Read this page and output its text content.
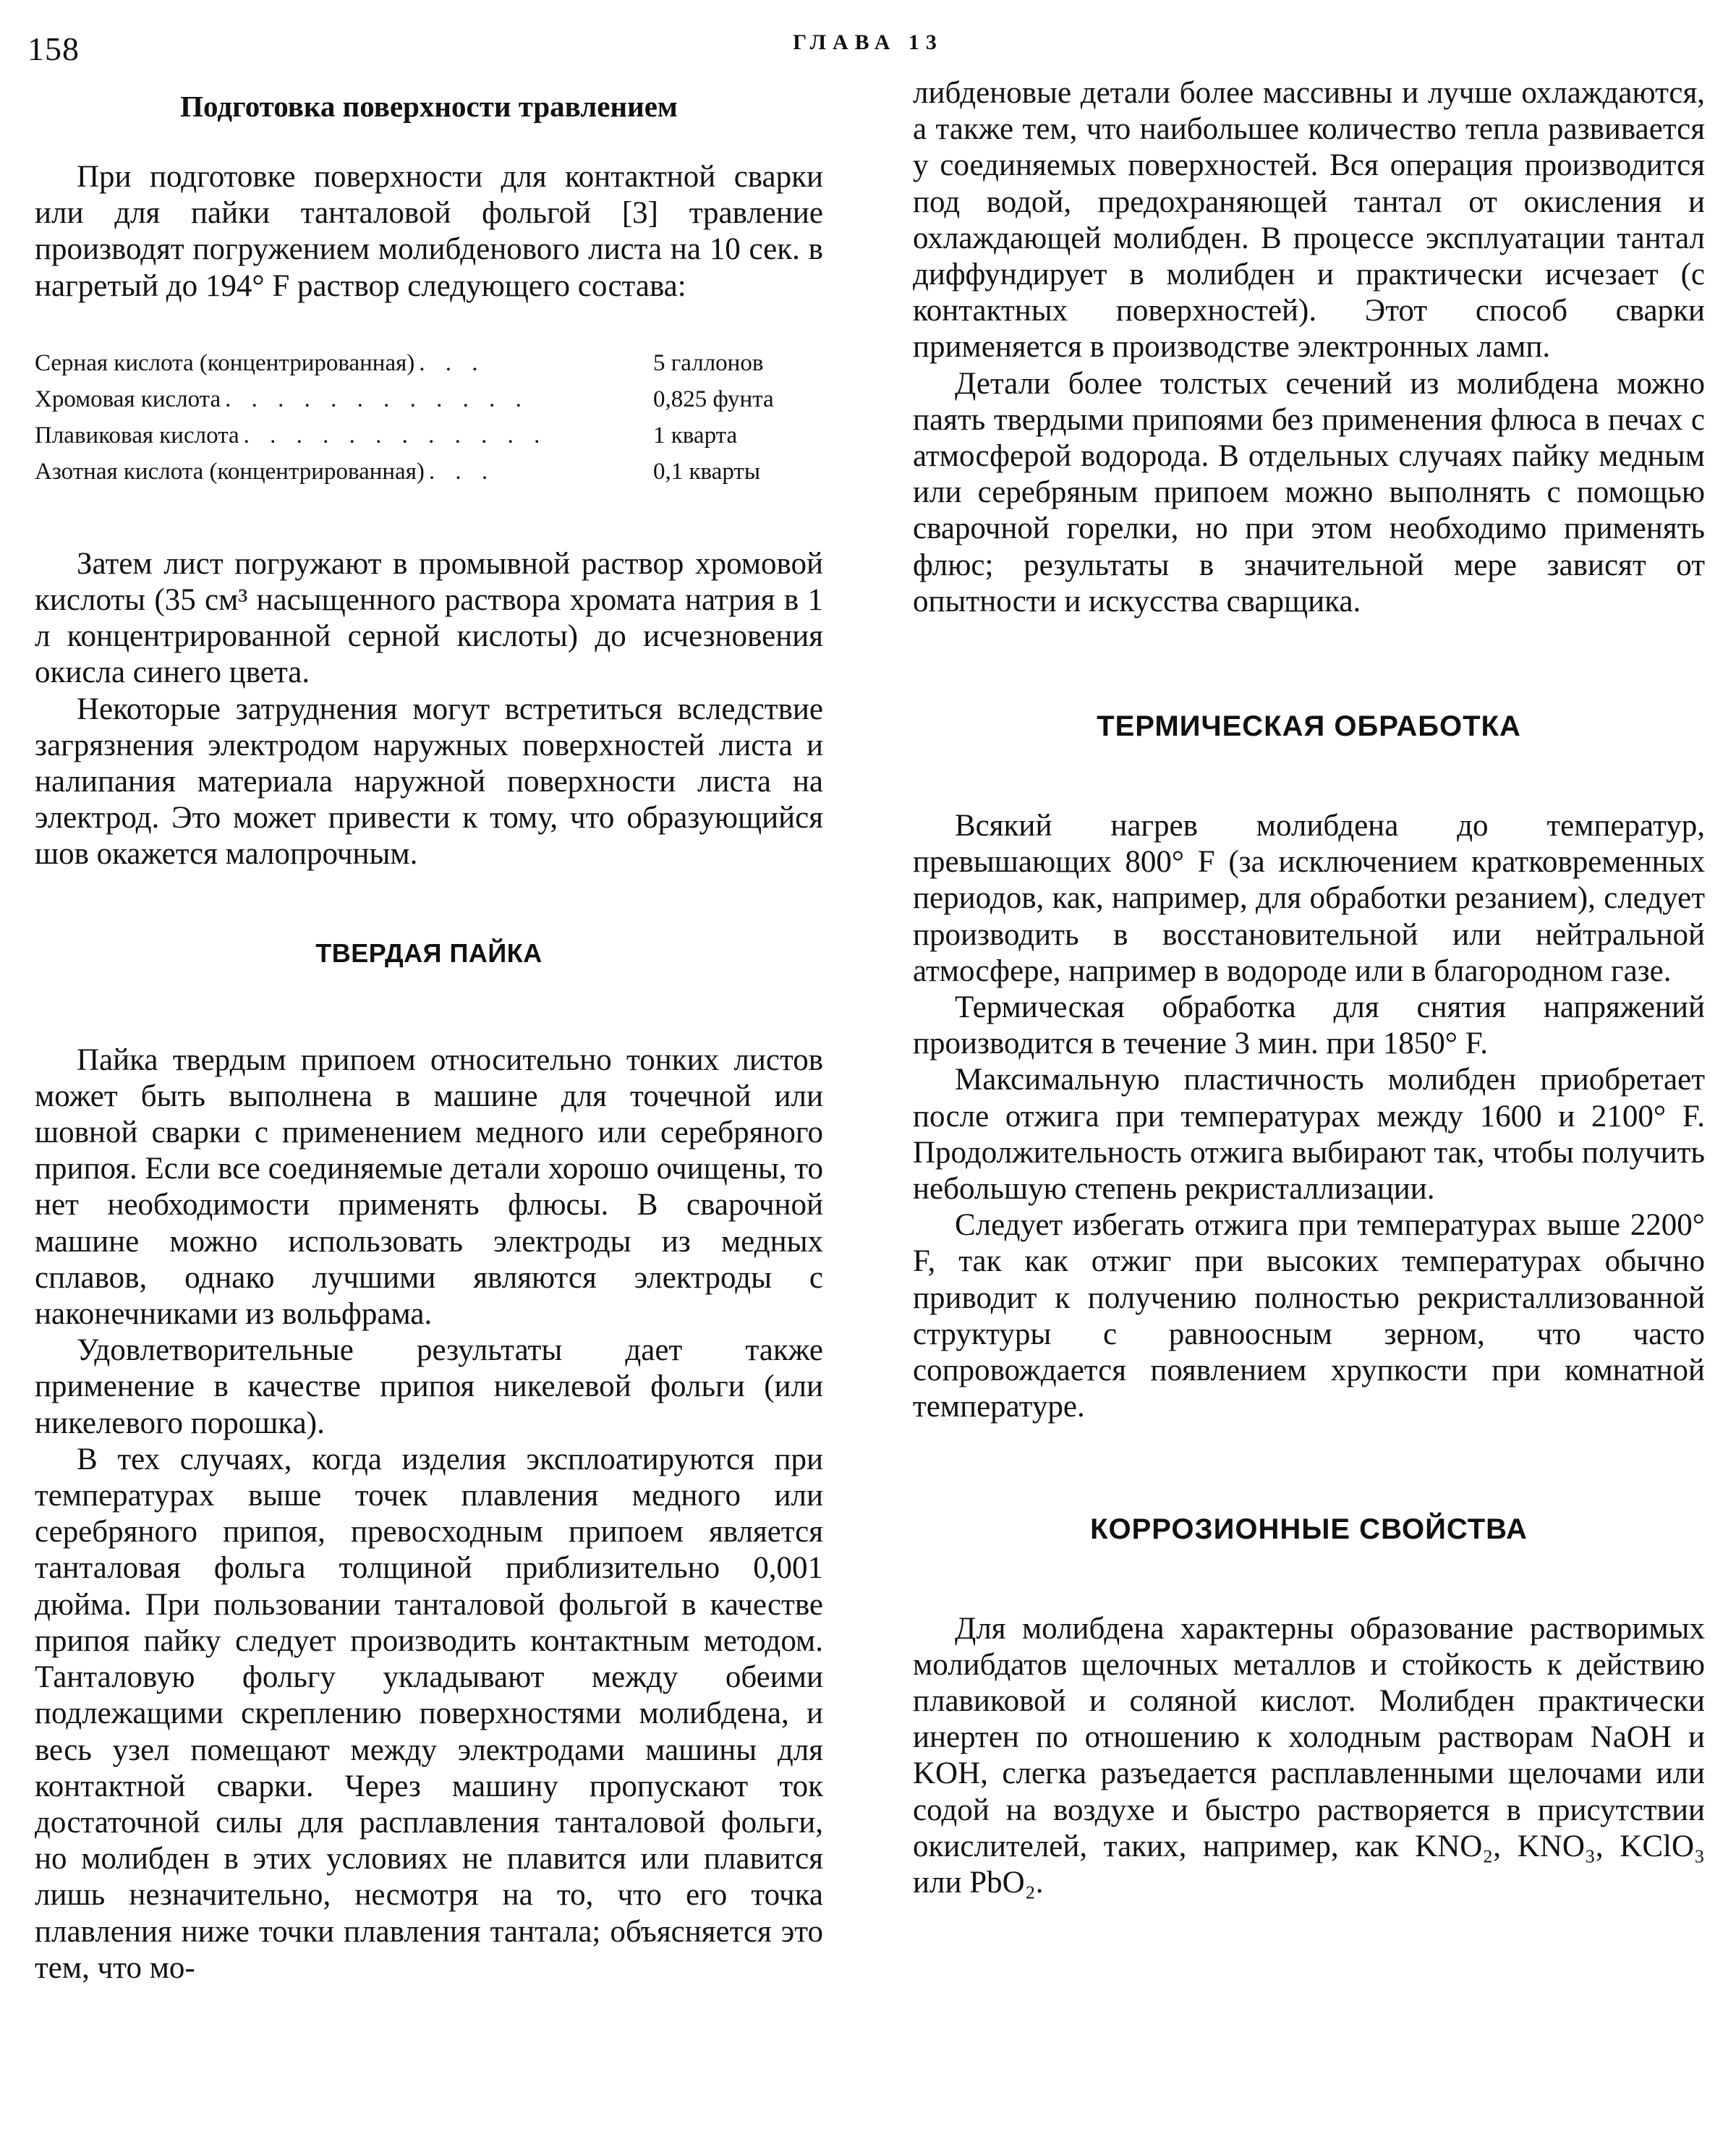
158	ГЛАВА 13
Подготовка поверхности травлением

При подготовке поверхности для контактной сварки или для пайки танталовой фольгой [3] травление производят погружением молибденового листа на 10 сек. в нагретый до 194° F раствор следующего состава:

Серная кислота (концентрированная) . . .	5 галлонов
Хромовая кислота . . . . . . . . . . . .	0,825 фунта
Плавиковая кислота . . . . . . . . . . . .	1 кварта
Азотная кислота (концентрированная) . . .	0,1 кварты

Затем лист погружают в промывной раствор хромовой кислоты (35 см³ насыщенного раствора хромата натрия в 1 л концентрированной серной кислоты) до исчезновения окисла синего цвета.

Некоторые затруднения могут встретиться вследствие загрязнения электродом наружных поверхностей листа и налипания материала наружной поверхности листа на электрод. Это может привести к тому, что образующийся шов окажется малопрочным.

ТВЕРДАЯ ПАЙКА

Пайка твердым припоем относительно тонких листов может быть выполнена в машине для точечной или шовной сварки с применением медного или серебряного припоя. Если все соединяемые детали хорошо очищены, то нет необходимости применять флюсы. В сварочной машине можно использовать электроды из медных сплавов, однако лучшими являются электроды с наконечниками из вольфрама.

Удовлетворительные результаты дает также применение в качестве припоя никелевой фольги (или никелевого порошка).

В тех случаях, когда изделия эксплоатируются при температурах выше точек плавления медного или серебряного припоя, превосходным припоем является танталовая фольга толщиной приблизительно 0,001 дюйма. При пользовании танталовой фольгой в качестве припоя пайку следует производить контактным методом. Танталовую фольгу укладывают между обеими подлежащими скреплению поверхностями молибдена, и весь узел помещают между электродами машины для контактной сварки. Через машину пропускают ток достаточной силы для расплавления танталовой фольги, но молибден в этих условиях не плавится или плавится лишь незначительно, несмотря на то, что его точка плавления ниже точки плавления тантала; объясняется это тем, что мо-

либденовые детали более массивны и лучше охлаждаются, а также тем, что наибольшее количество тепла развивается у соединяемых поверхностей. Вся операция производится под водой, предохраняющей тантал от окисления и охлаждающей молибден. В процессе эксплуатации тантал диффундирует в молибден и практически исчезает (с контактных поверхностей). Этот способ сварки применяется в производстве электронных ламп.

Детали более толстых сечений из молибдена можно паять твердыми припоями без применения флюса в печах с атмосферой водорода. В отдельных случаях пайку медным или серебряным припоем можно выполнять с помощью сварочной горелки, но при этом необходимо применять флюс; результаты в значительной мере зависят от опытности и искусства сварщика.

ТЕРМИЧЕСКАЯ ОБРАБОТКА

Всякий нагрев молибдена до температур, превышающих 800° F (за исключением кратковременных периодов, как, например, для обработки резанием), следует производить в восстановительной или нейтральной атмосфере, например в водороде или в благородном газе.

Термическая обработка для снятия напряжений производится в течение 3 мин. при 1850° F.

Максимальную пластичность молибден приобретает после отжига при температурах между 1600 и 2100° F. Продолжительность отжига выбирают так, чтобы получить небольшую степень рекристаллизации.

Следует избегать отжига при температурах выше 2200° F, так как отжиг при высоких температурах обычно приводит к получению полностью рекристаллизованной структуры с равноосным зерном, что часто сопровождается появлением хрупкости при комнатной температуре.

КОРРОЗИОННЫЕ СВОЙСТВА

Для молибдена характерны образование растворимых молибдатов щелочных металлов и стойкость к действию плавиковой и соляной кислот. Молибден практически инертен по отношению к холодным растворам NaOH и KOH, слегка разъедается расплавленными щелочами или содой на воздухе и быстро растворяется в присутствии окислителей, таких, например, как KNO₂, KNO₃, KClO₃ или PbO₂.
